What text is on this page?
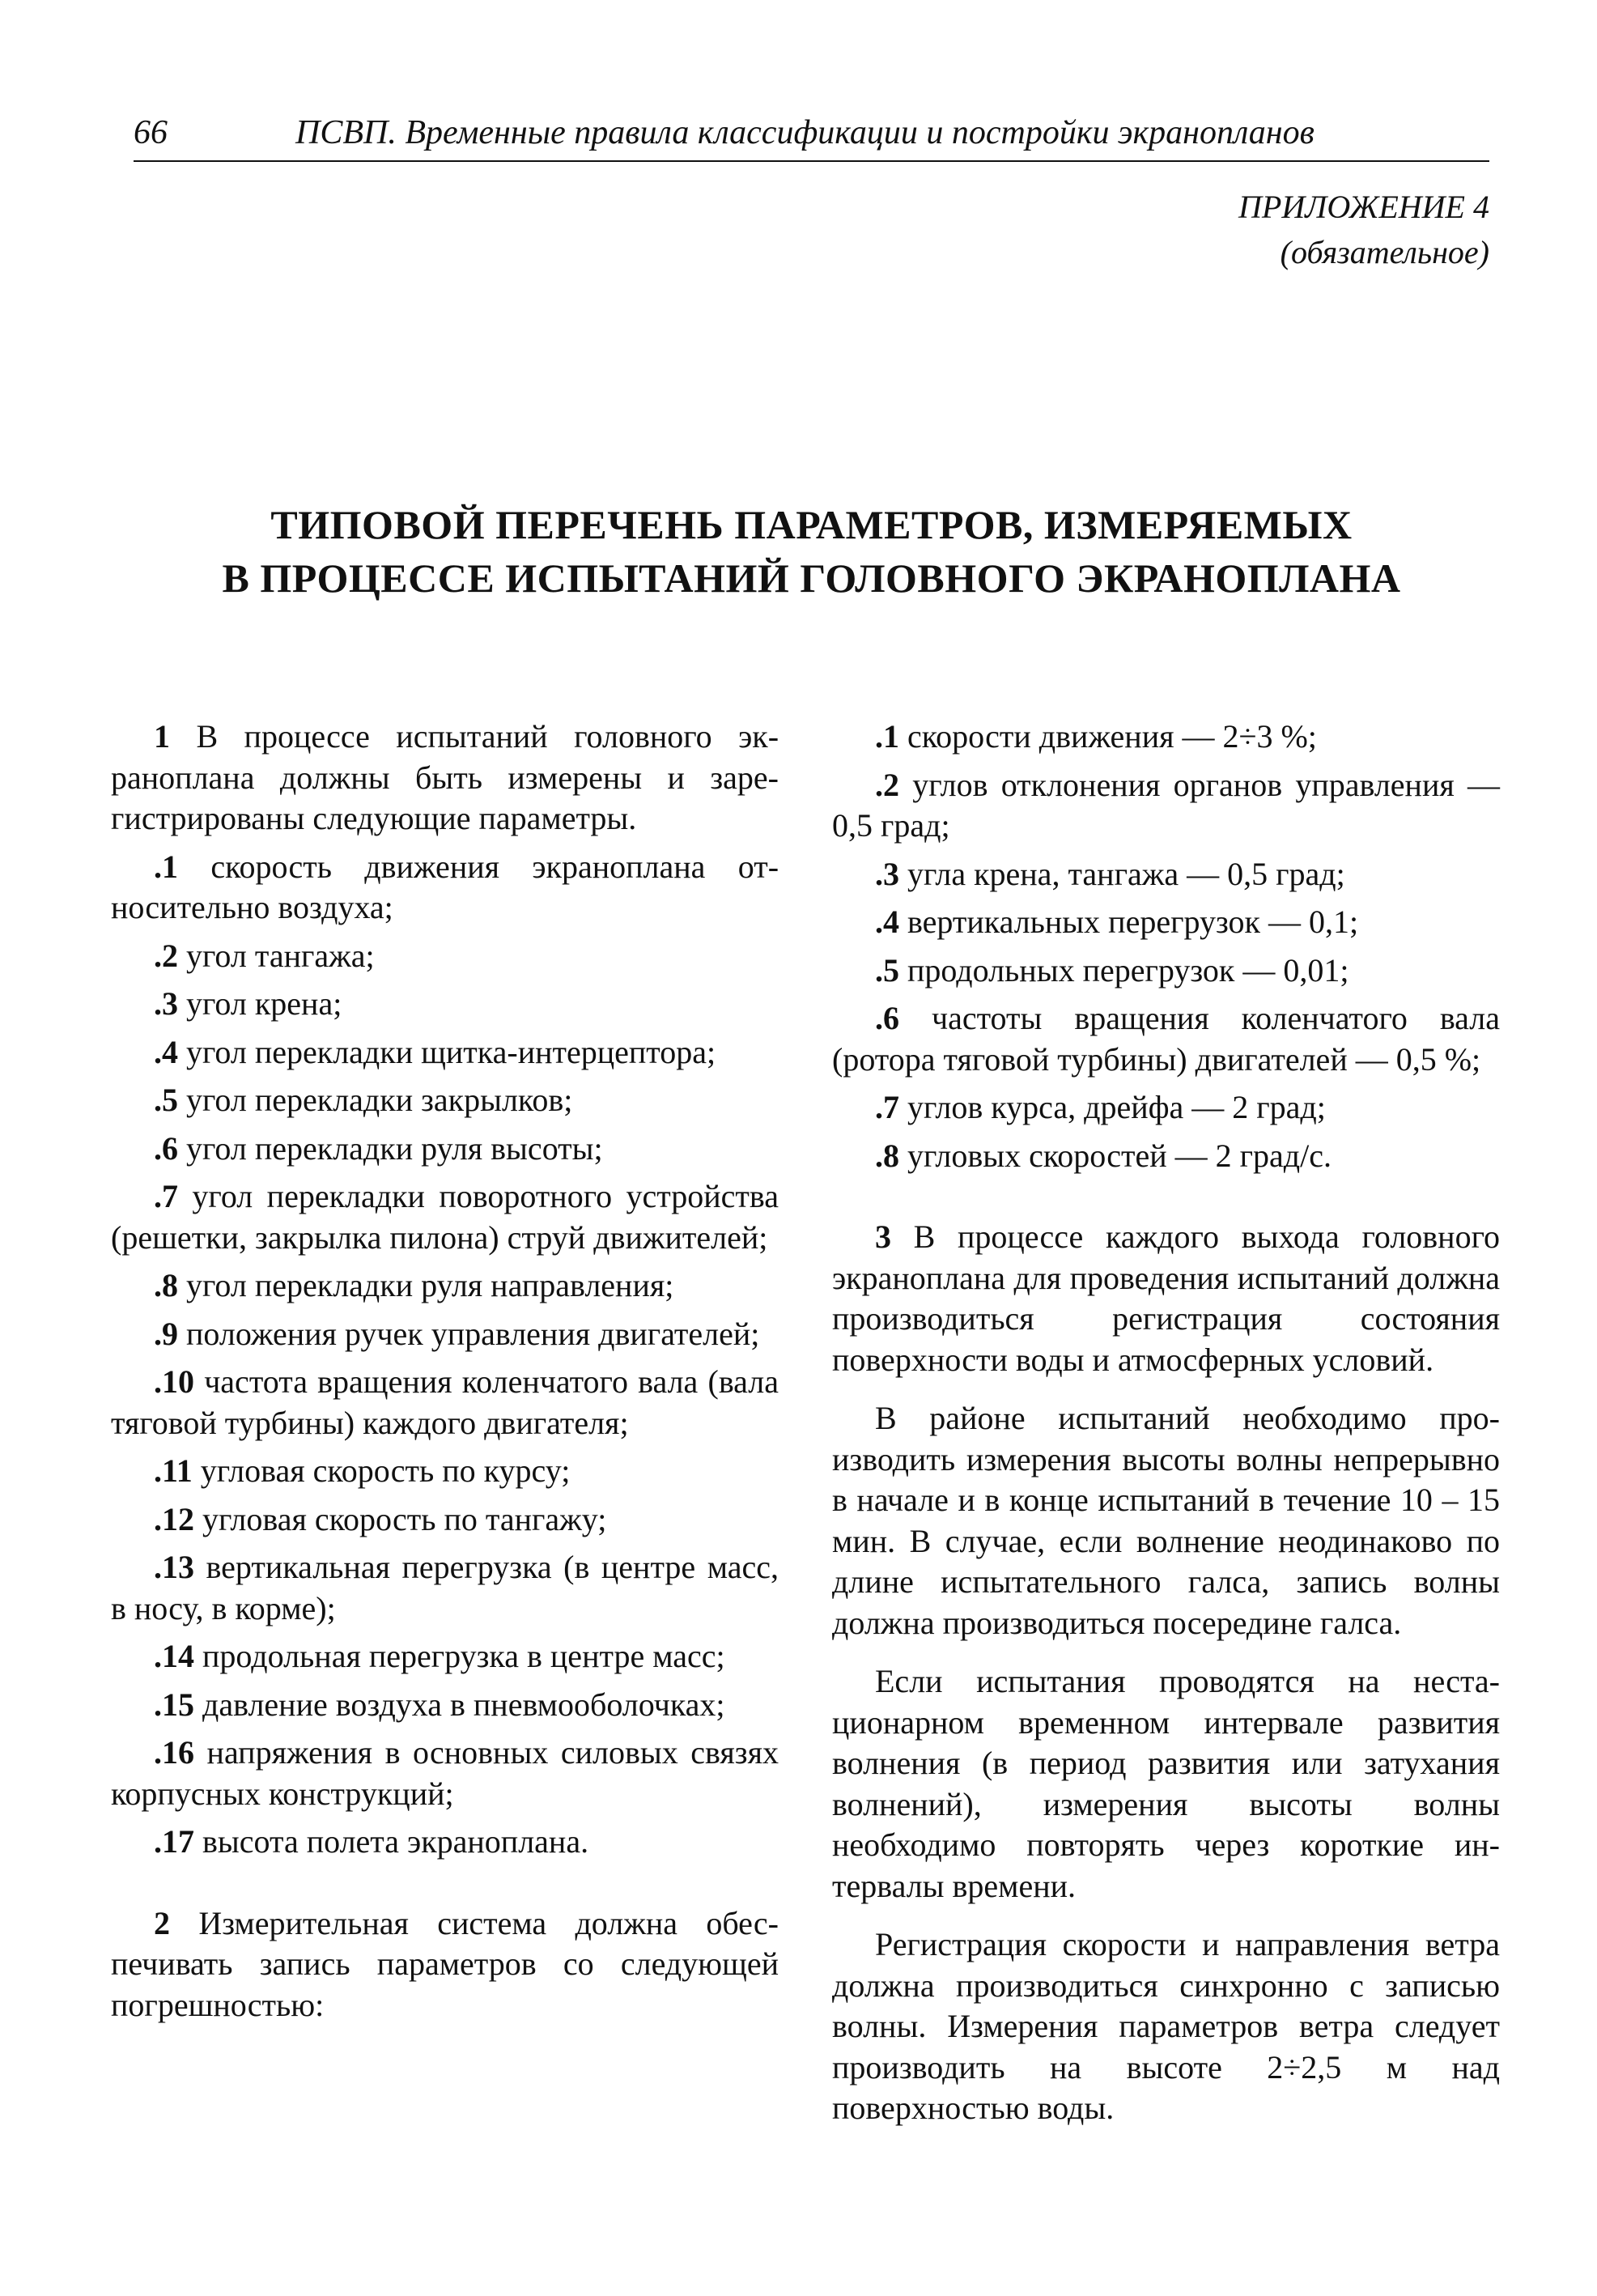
66	ПСВП. Временные правила классификации и постройки экранопланов
ПРИЛОЖЕНИЕ 4
(обязательное)
ТИПОВОЙ ПЕРЕЧЕНЬ ПАРАМЕТРОВ, ИЗМЕРЯЕМЫХ
В ПРОЦЕССЕ ИСПЫТАНИЙ ГОЛОВНОГО ЭКРАНОПЛАНА

1 В процессе испытаний головного экраноплана должны быть измерены и зарегистрированы следующие параметры.

.1 скорость движения экраноплана относительно воздуха;

.2 угол тангажа;

.3 угол крена;

.4 угол перекладки щитка-интерцептора;

.5 угол перекладки закрылков;

.6 угол перекладки руля высоты;

.7 угол перекладки поворотного устройства (решетки, закрылка пилона) струй движителей;

.8 угол перекладки руля направления;

.9 положения ручек управления двигателей;

.10 частота вращения коленчатого вала (вала тяговой турбины) каждого двигателя;

.11 угловая скорость по курсу;

.12 угловая скорость по тангажу;

.13 вертикальная перегрузка (в центре масс, в носу, в корме);

.14 продольная перегрузка в центре масс;

.15 давление воздуха в пневмооболочках;

.16 напряжения в основных силовых связях корпусных конструкций;

.17 высота полета экраноплана.

2 Измерительная система должна обеспечивать запись параметров со следующей погрешностью:

.1 скорости движения — 2÷3 %;

.2 углов отклонения органов управления — 0,5 град;

.3 угла крена, тангажа — 0,5 град;

.4 вертикальных перегрузок — 0,1;

.5 продольных перегрузок — 0,01;

.6 частоты вращения коленчатого вала (ротора тяговой турбины) двигателей — 0,5 %;

.7 углов курса, дрейфа — 2 град;

.8 угловых скоростей — 2 град/с.

3 В процессе каждого выхода головного экраноплана для проведения испытаний должна производиться регистрация состояния поверхности воды и атмосферных условий.

В районе испытаний необходимо производить измерения высоты волны непрерывно в начале и в конце испытаний в течение 10 – 15 мин. В случае, если волнение неодинаково по длине испытательного галса, запись волны должна производиться посередине галса.

Если испытания проводятся на нестационарном временном интервале развития волнения (в период развития или затухания волнений), измерения высоты волны необходимо повторять через короткие интервалы времени.

Регистрация скорости и направления ветра должна производиться синхронно с записью волны. Измерения параметров ветра следует производить на высоте 2÷2,5 м над поверхностью воды.
